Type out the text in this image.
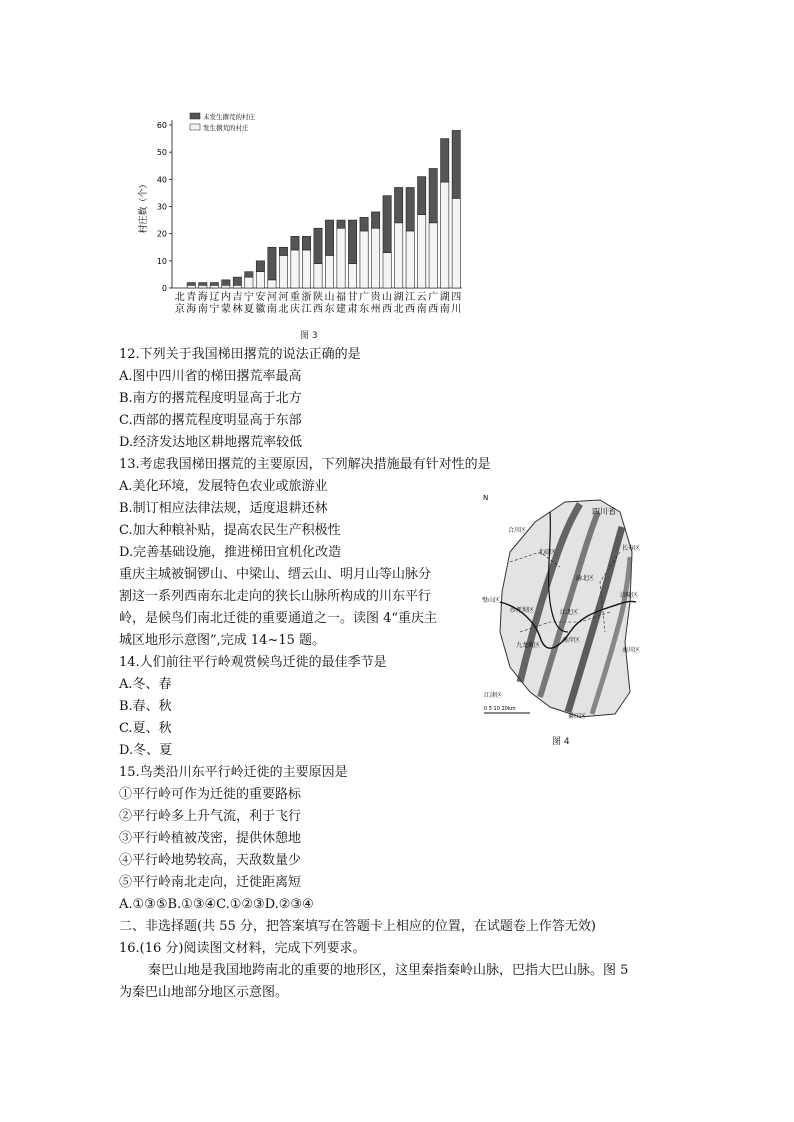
0
10
20
30
40
50
60
村庄数（个）
北
京
青
海
海
南
辽
宁
内
蒙
吉
林
宁
夏
安
徽
河
南
河
北
重
庆
浙
江
陕
西
山
东
福
建
甘
肃
广
东
贵
州
山
西
湖
北
江
西
云
南
广
西
湖
南
四
川
未发生撂荒的村庄
发生撂荒的村庄
图 3
12.下列关于我国梯田撂荒的说法正确的是
A.图中四川省的梯田撂荒率最高
B.南方的撂荒程度明显高于北方
C.西部的撂荒程度明显高于东部
D.经济发达地区耕地撂荒率较低
13.考虑我国梯田撂荒的主要原因，下列解决措施最有针对性的是
A.美化环境，发展特色农业或旅游业
B.制订相应法律法规，适度退耕还林
C.加大种粮补贴，提高农民生产积极性
D.完善基础设施，推进梯田宜机化改造
重庆主城被铜锣山、中梁山、缙云山、明月山等山脉分
割这一系列西南东北走向的狭长山脉所构成的川东平行
岭，是候鸟们南北迁徙的重要通道之一。读图 4“重庆主
城区地形示意图”,完成 14~15 题。
14.人们前往平行岭观赏候鸟迁徙的最佳季节是
A.冬、春
B.春、秋
C.夏、秋
D.冬、夏
15.鸟类沿川东平行岭迁徙的主要原因是
①平行岭可作为迁徙的重要路标
②平行岭多上升气流，利于飞行
③平行岭植被茂密，提供休憩地
④平行岭地势较高，天敌数量少
⑤平行岭南北走向，迁徙距离短
A.①③⑤B.①③④C.①②③D.②③④
二、非选择题(共 55 分，把答案填写在答题卡上相应的位置，在试题卷上作答无效)
16.(16 分)阅读图文材料，完成下列要求。
秦巴山地是我国地跨南北的重要的地形区，这里秦指秦岭山脉，巴指大巴山脉。图 5
为秦巴山地部分地区示意图。
N
四川省
合川区
长寿区
北碚区
璧山区
沙坪坝区
九龙坡区
渝北区
江北区
南岸区
涪陵区
南川区
江津区
綦江区
0 5 10 20km
图 4
